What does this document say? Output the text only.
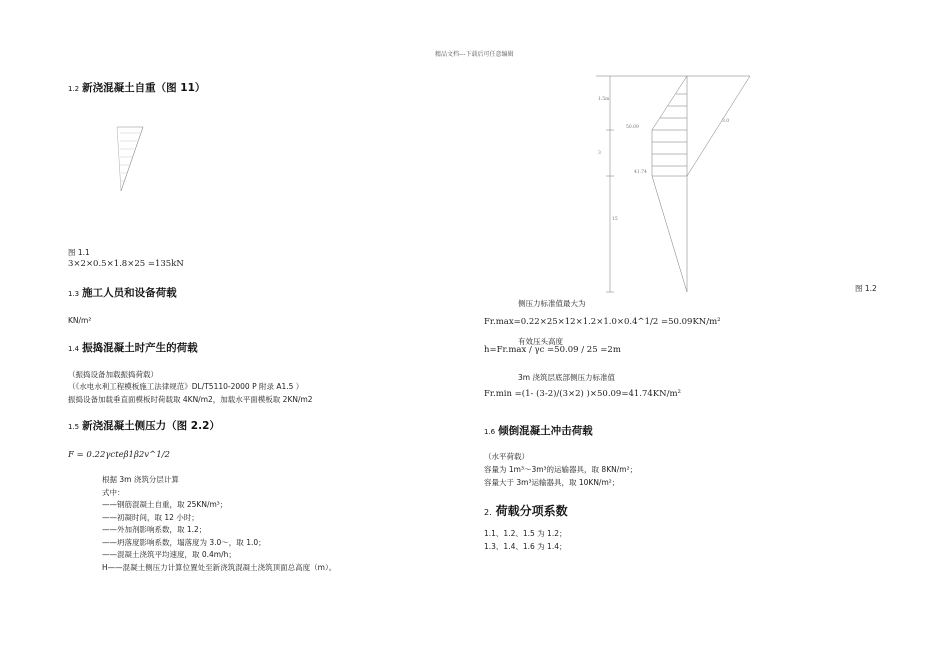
精品文档---下载后可任意编辑
1.2 新浇混凝土自重（图 11）
图 1.1
3×2×0.5×1.8×25 =135kN
1.3 施工人员和设备荷载
KN/m²
1.4 振捣混凝土时产生的荷载
（振捣设备加载振捣荷载）
（《水电水利工程模板施工法律规范》DL/T5110-2000 P 附录 A1.5 ）
振捣设备加载垂直面模板时荷载取 4KN/m2，加载水平面模板取 2KN/m2
1.5 新浇混凝土侧压力（图 2.2）
F = 0.22γcteβ1β2v^1/2
根据 3m 浇筑分层计算
式中：
——钢筋混凝土自重，取 25KN/m³；
——初凝时间，取 12 小时；
——外加剂影响系数，取 1.2；
——坍落度影响系数，塌落度为 3.0～，取 1.0；
——混凝土浇筑平均速度，取 0.4m/h；
H——混凝土侧压力计算位置处至新浇筑混凝土浇筑顶面总高度（m）。
1.5m
3
50.09
41.74
3.0
15
图 1.2
侧压力标准值最大为
Fr.max=0.22×25×12×1.2×1.0×0.4^1/2 =50.09KN/m²
有效压头高度
h=Fr.max / γc =50.09 / 25 =2m
3m 浇筑层底部侧压力标准值
Fr.min =(1- (3-2)/(3×2) )×50.09=41.74KN/m²
1.6 倾倒混凝土冲击荷载
（水平荷载）
容量为 1m³～3m³的运输器具，取 8KN/m²；
容量大于 3m³运输器具，取 10KN/m²；
2. 荷载分项系数
1.1、1.2、1.5 为 1.2；
1.3、1.4、1.6 为 1.4；
